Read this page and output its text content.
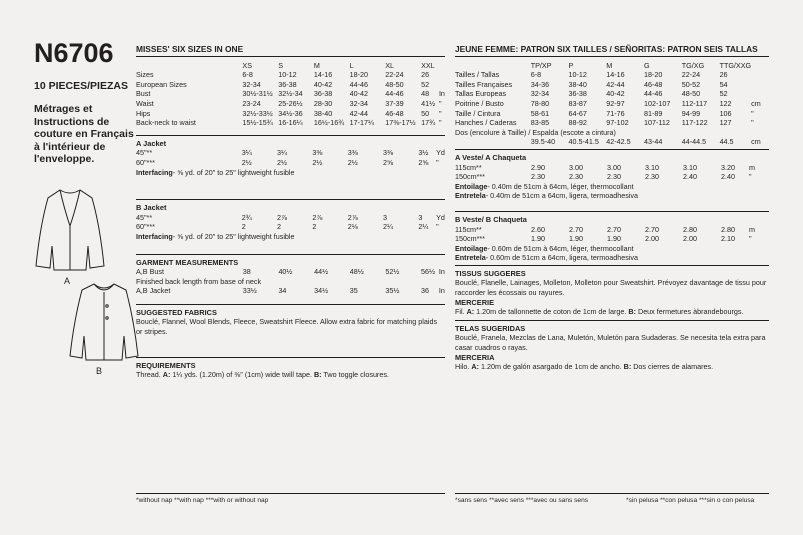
N6706
10 PIECES/PIEZAS
Métrages et Instructions de couture en Français à l'intérieur de l'enveloppe.
A
B
MISSES' SIX SIZES IN ONE
	XS	S	M	L	XL	XXL	
Sizes	6-8	10-12	14-16	18-20	22-24	26	
European Sizes	32-34	36-38	40-42	44-46	48-50	52	
Bust	30½-31½	32½-34	36-38	40-42	44-46	48	In
Waist	23-24	25-26½	28-30	32-34	37-39	41½	"
Hips	32½-33½	34½-36	38-40	42-44	46-48	50	"
Back-neck to waist	15½-15¾	16-16¼	16½-16¾	17-17¼	17⅜-17½	17¾	"
A Jacket
45"**	3¼	3¼	3⅜	3⅜	3⅜	3½	Yd
60"***	2½	2½	2½	2½	2⅝	2⅝	"
Interfacing- ⅝ yd. of 20" to 25" lightweight fusible
B Jacket
45"**	2¾	2⅞	2⅞	2⅞	3	3	Yd
60"***	2	2	2	2⅛	2¼	2¼	"
Interfacing- ⅝ yd. of 20" to 25" lightweight fusible
GARMENT MEASUREMENTS
A,B Bust	38	40½	44½	48½	52½	56½	In
Finished back length from base of neck							
A,B Jacket	33½	34	34½	35	35½	36	In
SUGGESTED FABRICS
Bouclé, Flannel, Wool Blends, Fleece, Sweatshirt Fleece. Allow extra fabric for matching plaids or stripes.
REQUIREMENTS
Thread. A: 1¼ yds. (1.20m) of ⅜" (1cm) wide twill tape. B: Two toggle closures.
JEUNE FEMME: PATRON SIX TAILLES / SEÑORITAS: PATRON SEIS TALLAS
	TP/XP	P	M	G	TG/XG	TTG/XXG	
Tailles / Tallas	6-8	10-12	14-16	18-20	22-24	26	
Tailles Françaises	34-36	38-40	42-44	46-48	50-52	54	
Tallas Europeas	32-34	36-38	40-42	44-46	48-50	52	
Poitrine / Busto	78-80	83-87	92-97	102-107	112-117	122	cm
Taille / Cintura	58-61	64-67	71-76	81-89	94-99	106	"
Hanches / Caderas	83-85	88-92	97-102	107-112	117-122	127	"
Dos (encolure à Taille) / Espalda (escote a cintura)							
	39.5-40	40.5-41.5	42-42.5	43-44	44-44.5	44.5	cm
A Veste/ A Chaqueta
115cm**	2.90	3.00	3.00	3.10	3.10	3.20	m
150cm***	2.30	2.30	2.30	2.30	2.40	2.40	"
Entoilage- 0.40m de 51cm à 64cm, léger, thermocollant
Entretela- 0.40m de 51cm a 64cm, ligera, termoadhesiva
B Veste/ B Chaqueta
115cm**	2.60	2.70	2.70	2.70	2.80	2.80	m
150cm***	1.90	1.90	1.90	2.00	2.00	2.10	"
Entoilage- 0.60m de 51cm à 64cm, léger, thermocollant
Entretela- 0.60m de 51cm a 64cm, ligera, termoadhesiva
TISSUS SUGGERES
Bouclé, Flanelle, Lainages, Molleton, Molleton pour Sweatshirt. Prévoyez davantage de tissu pour raccorder les écossais ou rayures.
MERCERIE
Fil. A: 1.20m de tallonnette de coton de 1cm de large. B: Deux fermetures àbrandebourgs.
TELAS SUGERIDAS
Bouclé, Franela, Mezclas de Lana, Muletón, Muletón para Sudaderas. Se necesita tela extra para casar cuadros o rayas.
MERCERIA
Hilo. A: 1.20m de galón asargado de 1cm de ancho. B: Dos cierres de alamares.
*without nap **with nap ***with or without nap	*sans sens **avec sens ***avec ou sans sens	*sin pelusa **con pelusa ***sin o con pelusa
